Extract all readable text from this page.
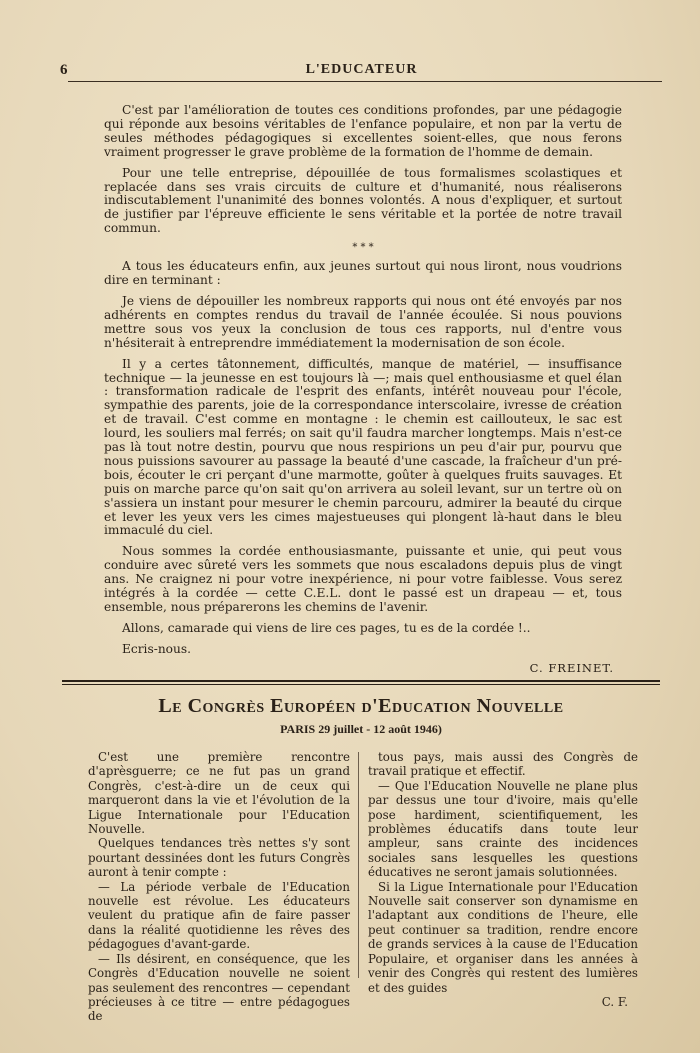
6	L'EDUCATEUR

C'est par l'amélioration de toutes ces conditions profondes, par une pédagogie qui réponde aux besoins véritables de l'enfance populaire, et non par la vertu de seules méthodes pédagogiques si excellentes soient-elles, que nous ferons vraiment progresser le grave problème de la formation de l'homme de demain.

Pour une telle entreprise, dépouillée de tous formalismes scolastiques et replacée dans ses vrais circuits de culture et d'humanité, nous réaliserons indiscutablement l'unanimité des bonnes volontés. A nous d'expliquer, et surtout de justifier par l'épreuve efficiente le sens véritable et la portée de notre travail commun.

* * *

A tous les éducateurs enfin, aux jeunes surtout qui nous liront, nous voudrions dire en terminant :

Je viens de dépouiller les nombreux rapports qui nous ont été envoyés par nos adhérents en comptes rendus du travail de l'année écoulée. Si nous pouvions mettre sous vos yeux la conclusion de tous ces rapports, nul d'entre vous n'hésiterait à entreprendre immédiatement la modernisation de son école.

Il y a certes tâtonnement, difficultés, manque de matériel, — insuffisance technique — la jeunesse en est toujours là —; mais quel enthousiasme et quel élan : transformation radicale de l'esprit des enfants, intérêt nouveau pour l'école, sympathie des parents, joie de la correspondance interscolaire, ivresse de création et de travail. C'est comme en montagne : le chemin est caillouteux, le sac est lourd, les souliers mal ferrés; on sait qu'il faudra marcher longtemps. Mais n'est-ce pas là tout notre destin, pourvu que nous respirions un peu d'air pur, pourvu que nous puissions savourer au passage la beauté d'une cascade, la fraîcheur d'un pré-bois, écouter le cri perçant d'une marmotte, goûter à quelques fruits sauvages. Et puis on marche parce qu'on sait qu'on arrivera au soleil levant, sur un tertre où on s'assiera un instant pour mesurer le chemin parcouru, admirer la beauté du cirque et lever les yeux vers les cimes majestueuses qui plongent là-haut dans le bleu immaculé du ciel.

Nous sommes la cordée enthousiasmante, puissante et unie, qui peut vous conduire avec sûreté vers les sommets que nous escaladons depuis plus de vingt ans. Ne craignez ni pour votre inexpérience, ni pour votre faiblesse. Vous serez intégrés à la cordée — cette C.E.L. dont le passé est un drapeau — et, tous ensemble, nous préparerons les chemins de l'avenir.

Allons, camarade qui viens de lire ces pages, tu es de la cordée !..

Ecris-nous.

C. FREINET.
Le Congrès Européen d'Education Nouvelle
PARIS 29 juillet - 12 août 1946)

C'est une première rencontre d'aprèsguerre; ce ne fut pas un grand Congrès, c'est-à-dire un de ceux qui marqueront dans la vie et l'évolution de la Ligue Internationale pour l'Education Nouvelle.

Quelques tendances très nettes s'y sont pourtant dessinées dont les futurs Congrès auront à tenir compte :

— La période verbale de l'Education nouvelle est révolue. Les éducateurs veulent du pratique afin de faire passer dans la réalité quotidienne les rêves des pédagogues d'avant-garde.

— Ils désirent, en conséquence, que les Congrès d'Education nouvelle ne soient pas seulement des rencontres — cependant précieuses à ce titre — entre pédagogues de

tous pays, mais aussi des Congrès de travail pratique et effectif.

— Que l'Education Nouvelle ne plane plus par dessus une tour d'ivoire, mais qu'elle pose hardiment, scientifiquement, les problèmes éducatifs dans toute leur ampleur, sans crainte des incidences sociales sans lesquelles les questions éducatives ne seront jamais solutionnées.

Si la Ligue Internationale pour l'Education Nouvelle sait conserver son dynamisme en l'adaptant aux conditions de l'heure, elle peut continuer sa tradition, rendre encore de grands services à la cause de l'Education Populaire, et organiser dans les années à venir des Congrès qui restent des lumières et des guides

C. F.
